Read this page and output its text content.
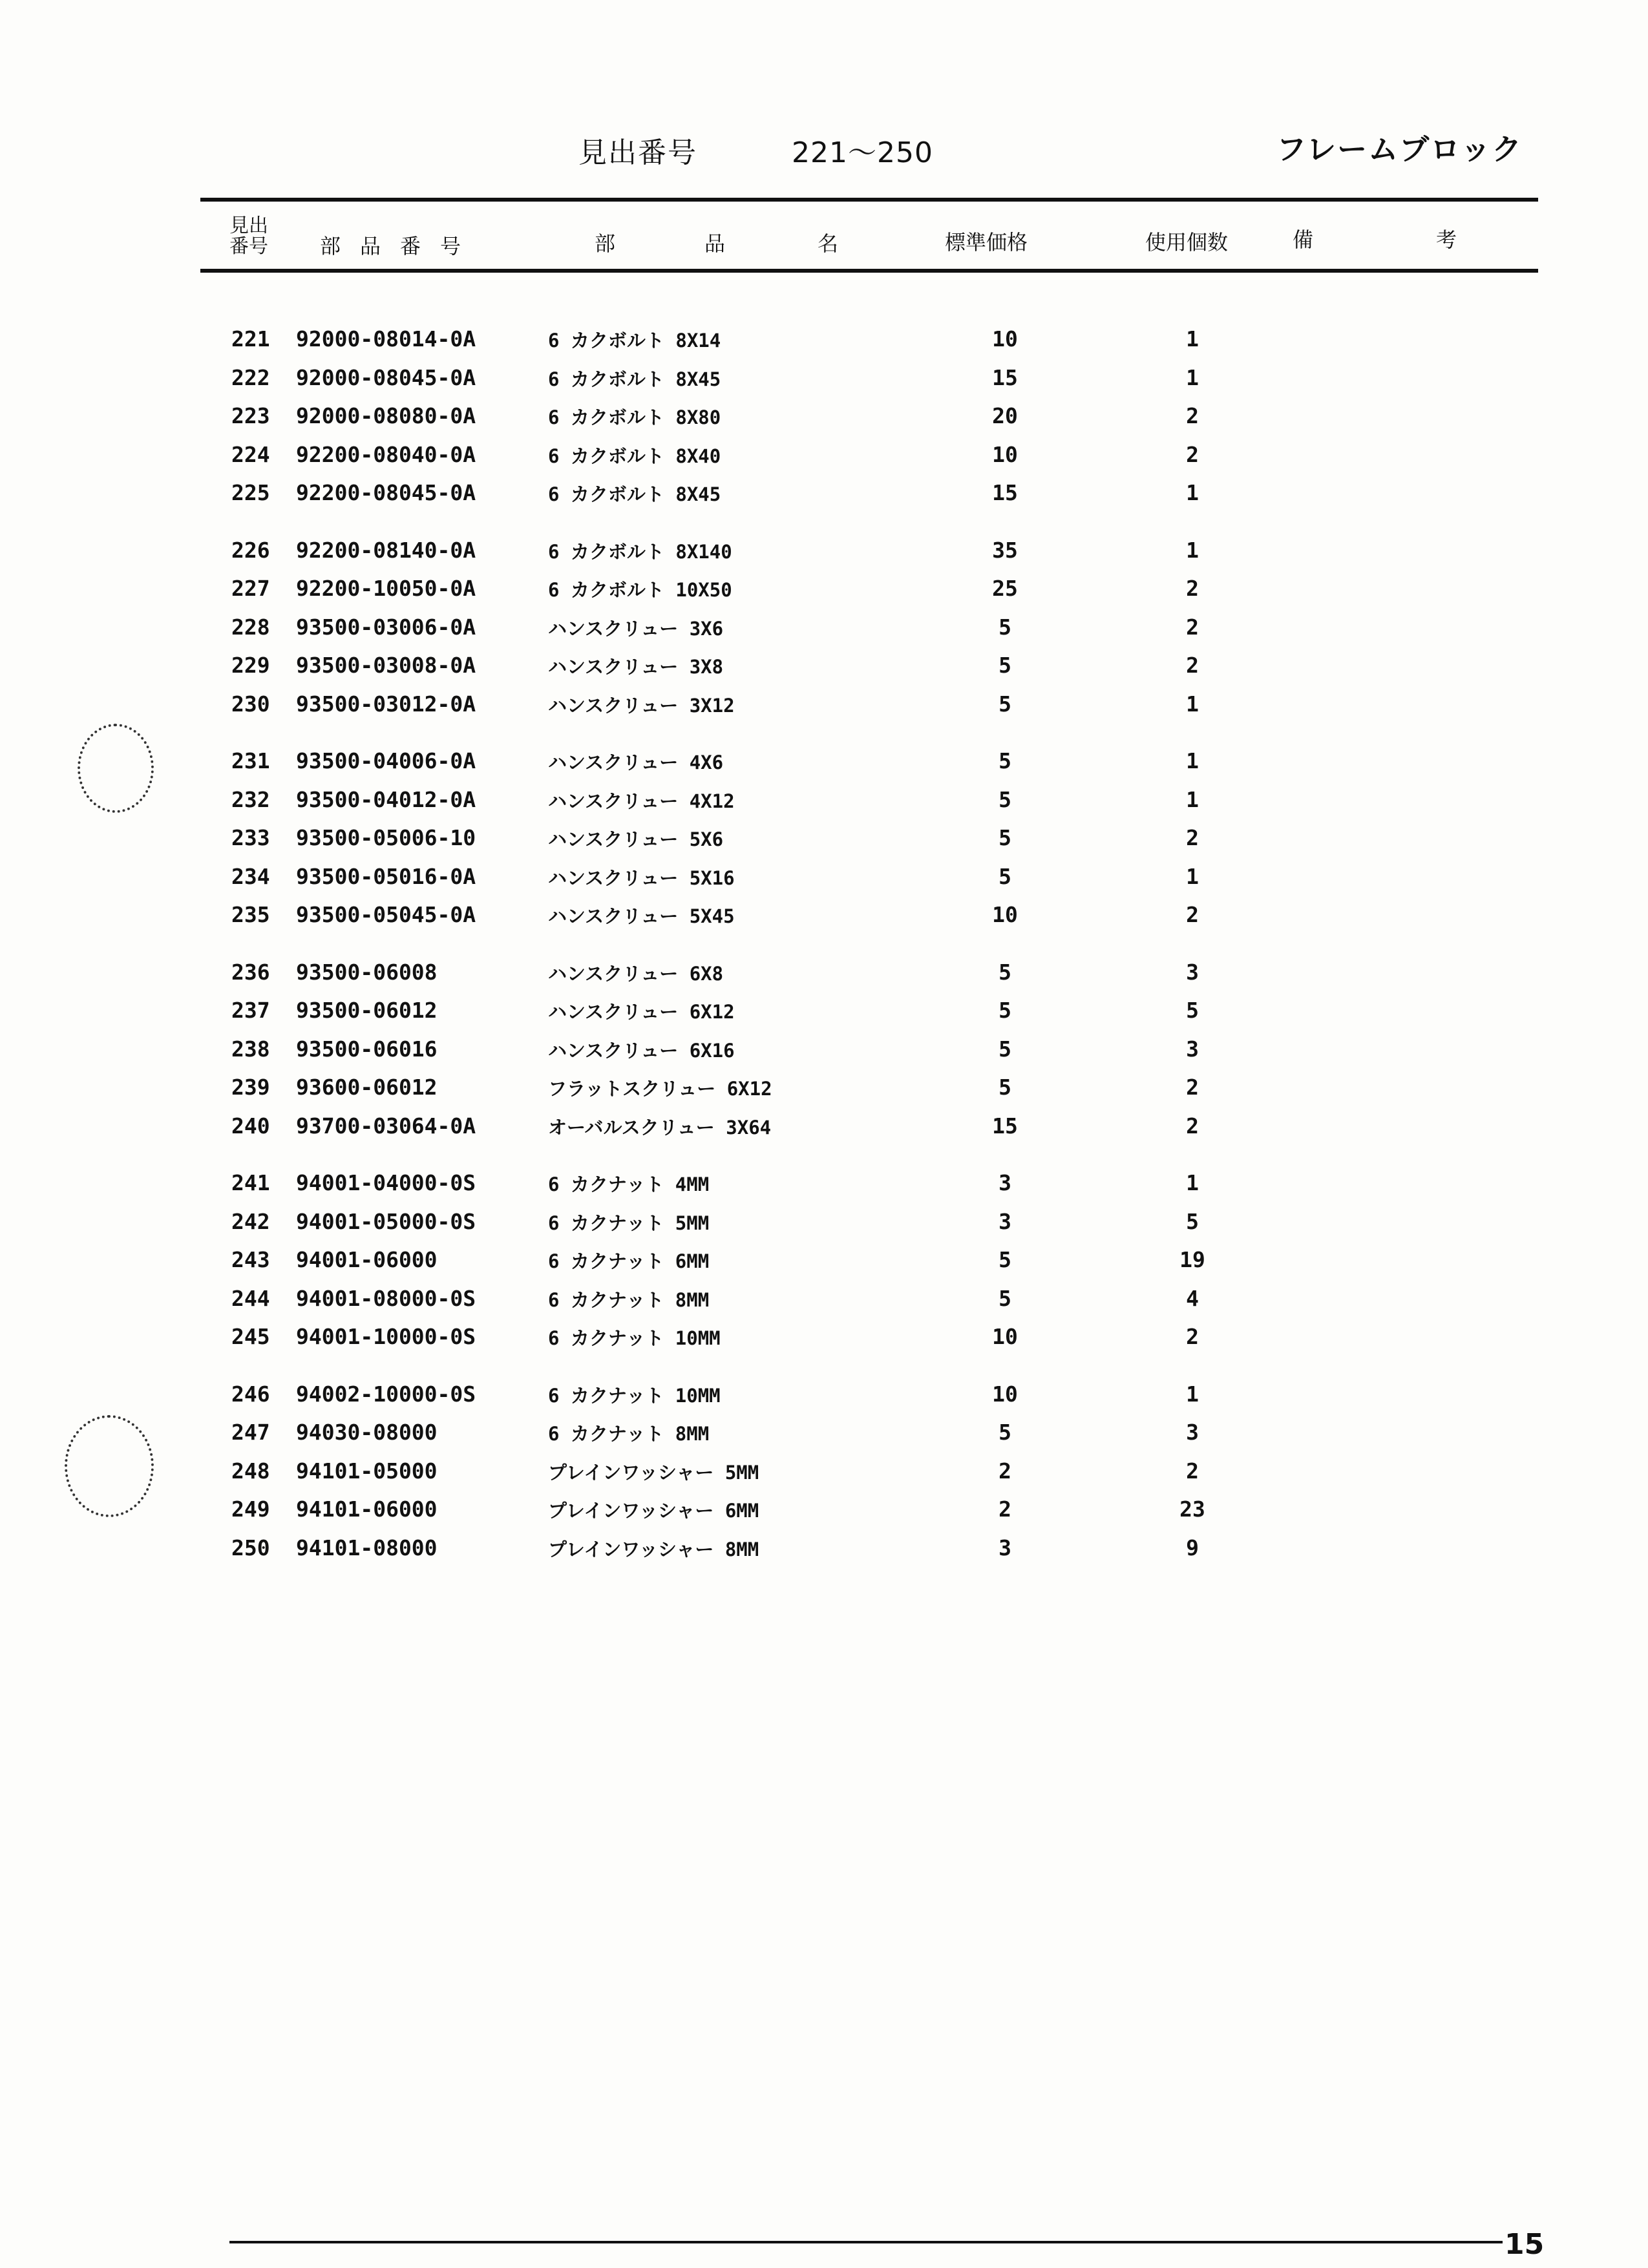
見出番号	221〜250	フレームブロック
見出
番号	部品番号	部	品	名	標準価格	使用個数	備	考
221 92000-08014-0A	6 カクボルト 8X14	10	1
222 92000-08045-0A	6 カクボルト 8X45	15	1
223 92000-08080-0A	6 カクボルト 8X80	20	2
224 92200-08040-0A	6 カクボルト 8X40	10	2
225 92200-08045-0A	6 カクボルト 8X45	15	1
226 92200-08140-0A	6 カクボルト 8X140	35	1
227 92200-10050-0A	6 カクボルト 10X50	25	2
228 93500-03006-0A	ハンスクリュー 3X6	5	2
229 93500-03008-0A	ハンスクリュー 3X8	5	2
230 93500-03012-0A	ハンスクリュー 3X12	5	1
231 93500-04006-0A	ハンスクリュー 4X6	5	1
232 93500-04012-0A	ハンスクリュー 4X12	5	1
233 93500-05006-10	ハンスクリュー 5X6	5	2
234 93500-05016-0A	ハンスクリュー 5X16	5	1
235 93500-05045-0A	ハンスクリュー 5X45	10	2
236 93500-06008	ハンスクリュー 6X8	5	3
237 93500-06012	ハンスクリュー 6X12	5	5
238 93500-06016	ハンスクリュー 6X16	5	3
239 93600-06012	フラットスクリュー 6X12	5	2
240 93700-03064-0A	オーバルスクリュー 3X64	15	2
241 94001-04000-0S	6 カクナット 4MM	3	1
242 94001-05000-0S	6 カクナット 5MM	3	5
243 94001-06000	6 カクナット 6MM	5	19
244 94001-08000-0S	6 カクナット 8MM	5	4
245 94001-10000-0S	6 カクナット 10MM	10	2
246 94002-10000-0S	6 カクナット 10MM	10	1
247 94030-08000	6 カクナット 8MM	5	3
248 94101-05000	プレインワッシャー 5MM	2	2
249 94101-06000	プレインワッシャー 6MM	2	23
250 94101-08000	プレインワッシャー 8MM	3	9
15
